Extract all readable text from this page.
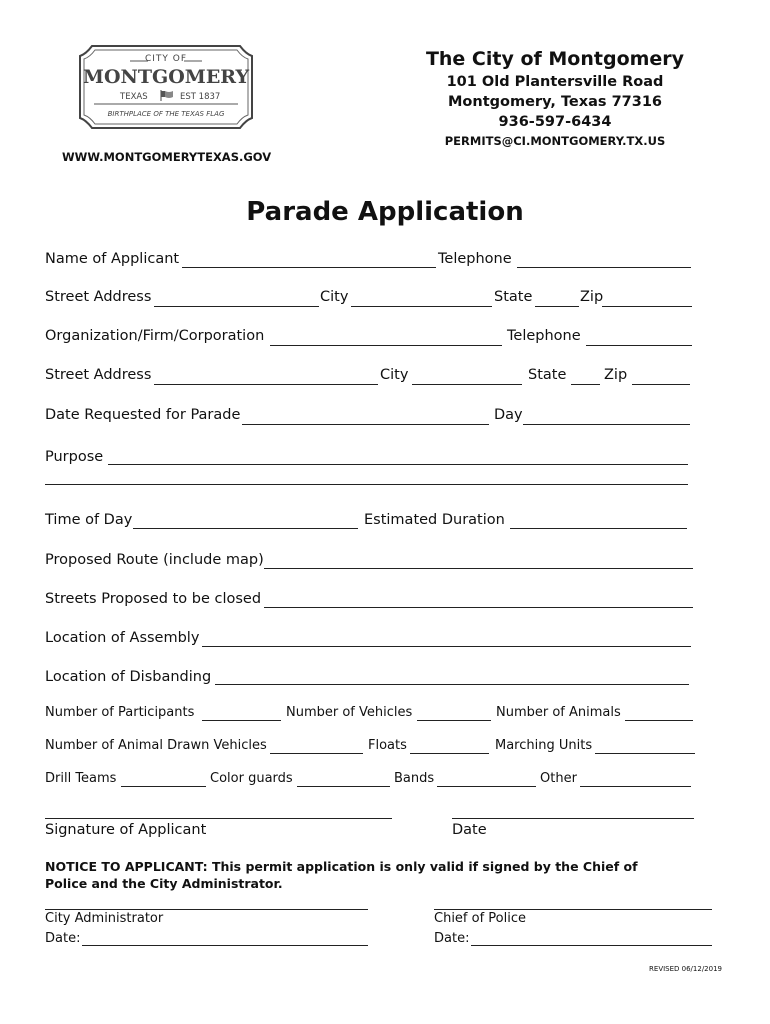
CITY OF
MONTGOMERY
TEXAS	EST 1837
BIRTHPLACE OF THE TEXAS FLAG
The City of Montgomery
101 Old Plantersville Road
Montgomery, Texas 77316
936-597-6434
PERMITS@CI.MONTGOMERY.TX.US
WWW.MONTGOMERYTEXAS.GOV
Parade Application
Name of Applicant	Telephone
Street Address	City	State	Zip
Organization/Firm/Corporation	Telephone
Street Address	City	State	Zip
Date Requested for Parade	Day
Purpose
Time of Day	Estimated Duration
Proposed Route (include map)
Streets Proposed to be closed
Location of Assembly
Location of Disbanding
Number of Participants	Number of Vehicles	Number of Animals
Number of Animal Drawn Vehicles	Floats	Marching Units
Drill Teams	Color guards	Bands	Other
Signature of Applicant	Date
NOTICE TO APPLICANT: This permit application is only valid if signed by the Chief of Police and the City Administrator.
City Administrator	Chief of Police
Date:	Date:
REVISED 06/12/2019
